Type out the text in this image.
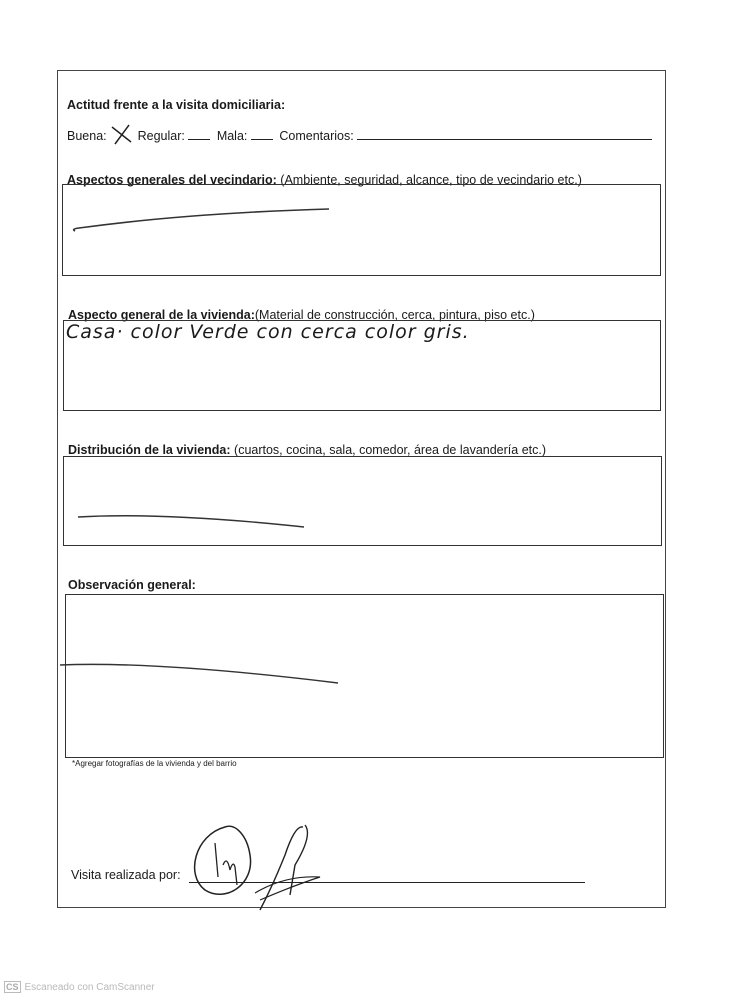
Actitud frente a la visita domiciliaria:
Buena: Regular:	Mala:	Comentarios:
Aspectos generales del vecindario: (Ambiente, seguridad, alcance, tipo de vecindario etc.)
Aspecto general de la vivienda:(Material de construcción, cerca, pintura, piso etc.)
Casa· color Verde con cerca color gris.
Distribución de la vivienda: (cuartos, cocina, sala, comedor, área de lavandería etc.)
Observación general:
*Agregar fotografías de la vivienda y del barrio
Visita realizada por:
CS Escaneado con CamScanner
